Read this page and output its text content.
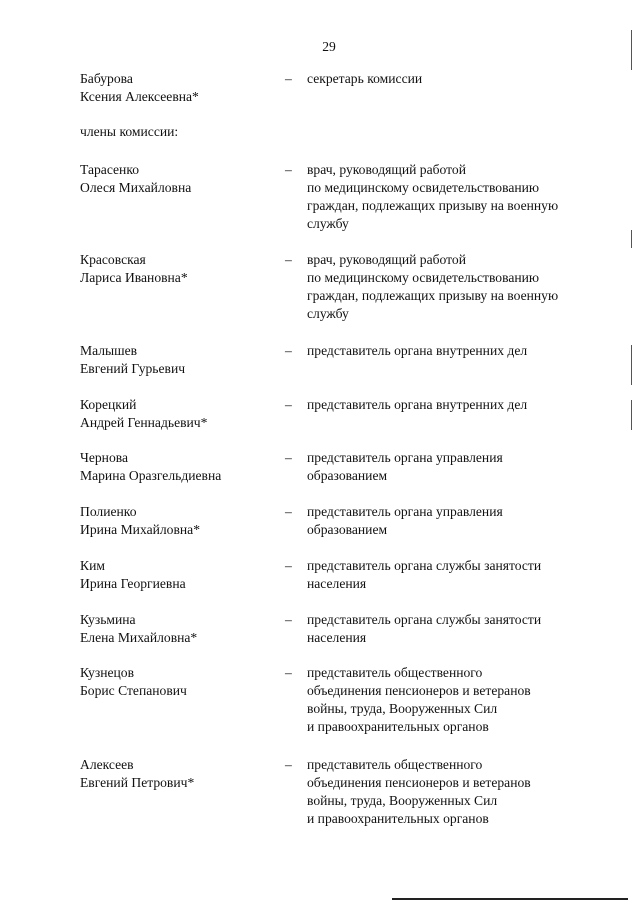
29
Бабурова
Ксения Алексеевна*
– секретарь комиссии
члены комиссии:
Тарасенко
Олеся Михайловна
– врач, руководящий работой
по медицинскому освидетельствованию
граждан, подлежащих призыву на военную
службу
Красовская
Лариса Ивановна*
– врач, руководящий работой
по медицинскому освидетельствованию
граждан, подлежащих призыву на военную
службу
Малышев
Евгений Гурьевич
– представитель органа внутренних дел
Корецкий
Андрей Геннадьевич*
– представитель органа внутренних дел
Чернова
Марина Оразгельдиевна
– представитель органа управления
образованием
Полиенко
Ирина Михайловна*
– представитель органа управления
образованием
Ким
Ирина Георгиевна
– представитель органа службы занятости
населения
Кузьмина
Елена Михайловна*
– представитель органа службы занятости
населения
Кузнецов
Борис Степанович
– представитель общественного
объединения пенсионеров и ветеранов
войны, труда, Вооруженных Сил
и правоохранительных органов
Алексеев
Евгений Петрович*
– представитель общественного
объединения пенсионеров и ветеранов
войны, труда, Вооруженных Сил
и правоохранительных органов
